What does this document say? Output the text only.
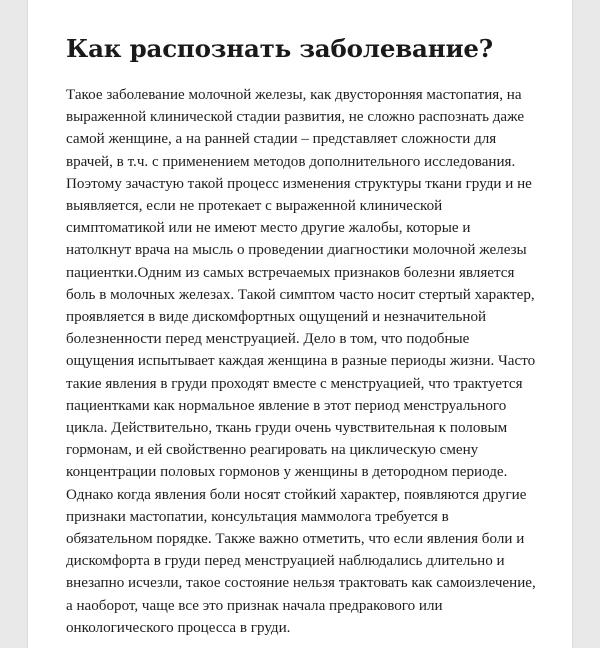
Как распознать заболевание?

Такое заболевание молочной железы, как двусторонняя мастопатия, на выраженной клинической стадии развития, не сложно распознать даже самой женщине, а на ранней стадии – представляет сложности для врачей, в т.ч. с применением методов дополнительного исследования. Поэтому зачастую такой процесс изменения структуры ткани груди и не выявляется, если не протекает с выраженной клинической симптоматикой или не имеют место другие жалобы, которые и натолкнут врача на мысль о проведении диагностики молочной железы пациентки.Одним из самых встречаемых признаков болезни является боль в молочных железах. Такой симптом часто носит стертый характер, проявляется в виде дискомфортных ощущений и незначительной болезненности перед менструацией. Дело в том, что подобные ощущения испытывает каждая женщина в разные периоды жизни. Часто такие явления в груди проходят вместе с менструацией, что трактуется пациентками как нормальное явление в этот период менструального цикла. Действительно, ткань груди очень чувствительная к половым гормонам, и ей свойственно реагировать на циклическую смену концентрации половых гормонов у женщины в детородном периоде. Однако когда явления боли носят стойкий характер, появляются другие признаки мастопатии, консультация маммолога требуется в обязательном порядке. Также важно отметить, что если явления боли и дискомфорта в груди перед менструацией наблюдались длительно и внезапно исчезли, такое состояние нельзя трактовать как самоизлечение, а наоборот, чаще все это признак начала предракового или онкологического процесса в груди.
